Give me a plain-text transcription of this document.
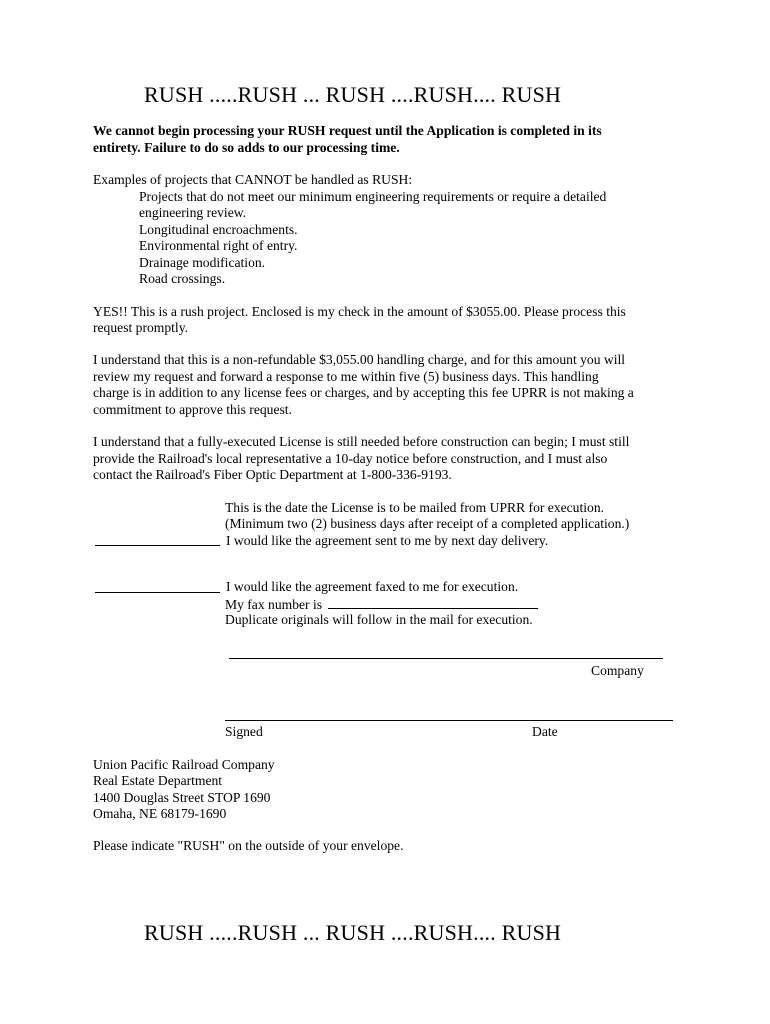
RUSH .....RUSH ... RUSH ....RUSH.... RUSH
We cannot begin processing your RUSH request until the Application is completed in its
entirety. Failure to do so adds to our processing time.
Examples of projects that CANNOT be handled as RUSH:
Projects that do not meet our minimum engineering requirements or require a detailed
engineering review.
Longitudinal encroachments.
Environmental right of entry.
Drainage modification.
Road crossings.
YES!! This is a rush project. Enclosed is my check in the amount of $3055.00. Please process this
request promptly.
I understand that this is a non-refundable $3,055.00 handling charge, and for this amount you will
review my request and forward a response to me within five (5) business days. This handling
charge is in addition to any license fees or charges, and by accepting this fee UPRR is not making a
commitment to approve this request.
I understand that a fully-executed License is still needed before construction can begin; I must still
provide the Railroad's local representative a 10-day notice before construction, and I must also
contact the Railroad's Fiber Optic Department at 1-800-336-9193.
This is the date the License is to be mailed from UPRR for execution.
(Minimum two (2) business days after receipt of a completed application.)
I would like the agreement sent to me by next day delivery.
I would like the agreement faxed to me for execution.
My fax number is
Duplicate originals will follow in the mail for execution.
Company
Signed	Date
Union Pacific Railroad Company
Real Estate Department
1400 Douglas Street STOP 1690
Omaha, NE 68179-1690
Please indicate "RUSH" on the outside of your envelope.
RUSH .....RUSH ... RUSH ....RUSH.... RUSH
